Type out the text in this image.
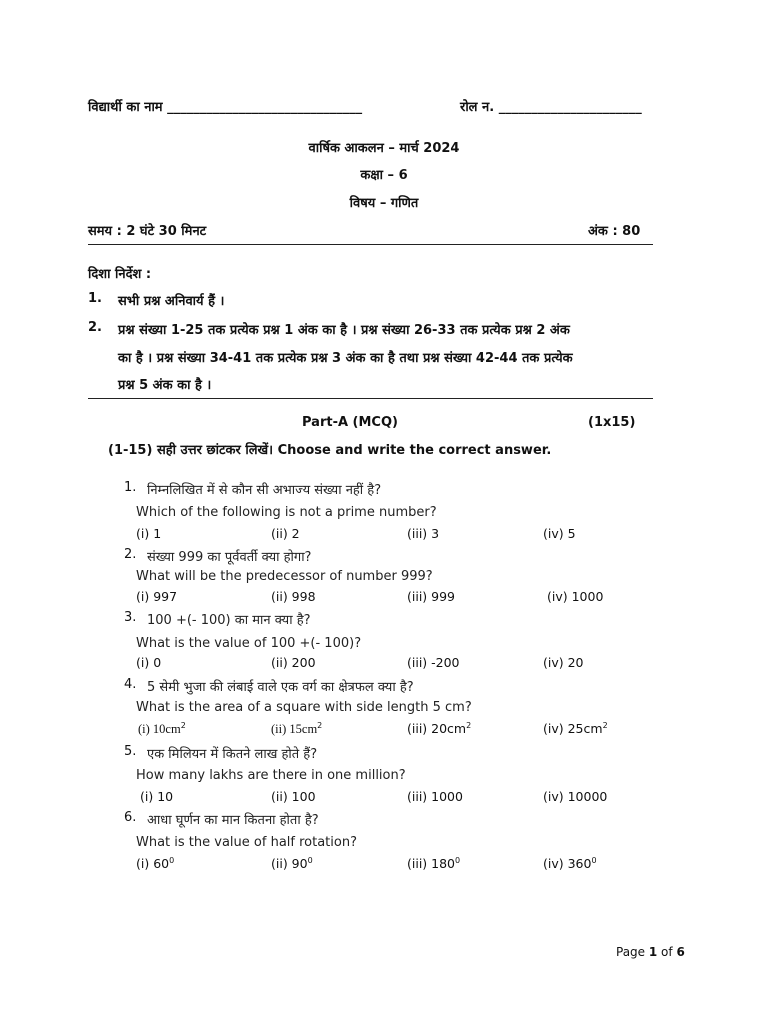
विद्यार्थी का नाम ______________________________	रोल न. ______________________
वार्षिक आकलन – मार्च 2024
कक्षा – 6
विषय – गणित
समय : 2 घंटे 30 मिनट	अंक : 80
दिशा निर्देश :
1. सभी प्रश्न अनिवार्य हैं ।
2. प्रश्न संख्या 1-25 तक प्रत्येक प्रश्न 1 अंक का है । प्रश्न संख्या 26-33 तक प्रत्येक प्रश्न 2 अंक
का है । प्रश्न संख्या 34-41 तक प्रत्येक प्रश्न 3 अंक का है तथा प्रश्न संख्या 42-44 तक प्रत्येक
प्रश्न 5 अंक का है ।
Part-A (MCQ)	(1x15)
(1-15) सही उत्तर छांटकर लिखें। Choose and write the correct answer.
1. निम्नलिखित में से कौन सी अभाज्य संख्या नहीं है?
Which of the following is not a prime number?
(i) 1	(ii) 2	(iii) 3	(iv) 5
2. संख्या 999 का पूर्ववर्ती क्या होगा?
What will be the predecessor of number 999?
(i) 997	(ii) 998	(iii) 999	(iv) 1000
3. 100 +(- 100) का मान क्या है?
What is the value of 100 +(- 100)?
(i) 0	(ii) 200	(iii) -200	(iv) 20
4. 5 सेमी भुजा की लंबाई वाले एक वर्ग का क्षेत्रफल क्या है?
What is the area of a square with side length 5 cm?
(i) $10cm^2$	(ii) $15cm^2$	(iii) $20cm^2$	(iv) $25cm^2$
5. एक मिलियन में कितने लाख होते हैं?
How many lakhs are there in one million?
(i) 10	(ii) 100	(iii) 1000	(iv) 10000
6. आधा घूर्णन का मान कितना होता है?
What is the value of half rotation?
(i) $60^0$	(ii) $90^0$	(iii) $180^0$	(iv) $360^0$
Page 1 of 6
